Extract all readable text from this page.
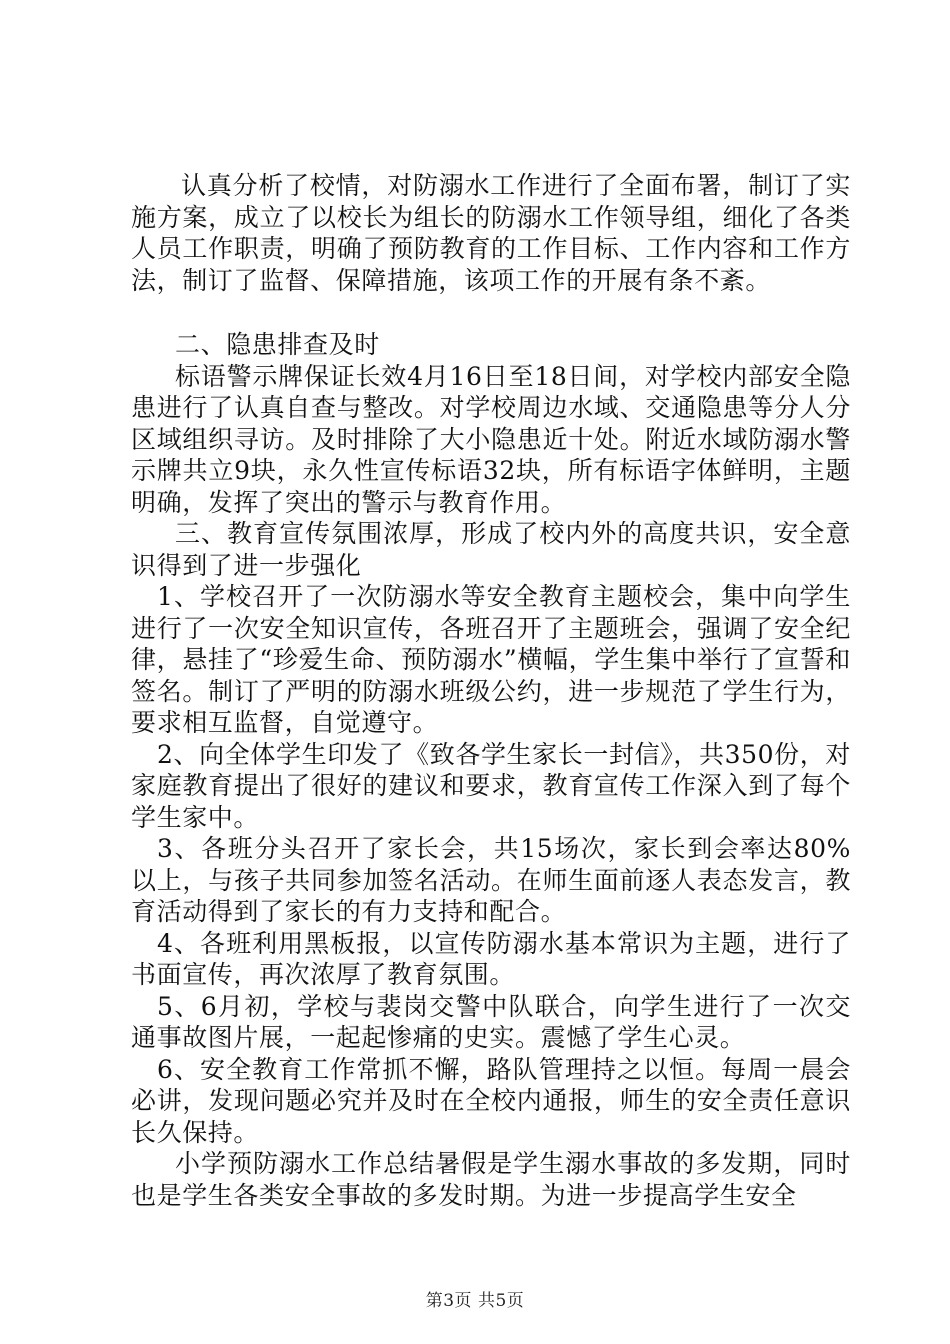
认真分析了校情，对防溺水工作进行了全面布署，制订了实施方案，成立了以校长为组长的防溺水工作领导组，细化了各类人员工作职责，明确了预防教育的工作目标、工作内容和工作方法，制订了监督、保障措施，该项工作的开展有条不紊。

二、隐患排查及时

标语警示牌保证长效4月16日至18日间，对学校内部安全隐患进行了认真自查与整改。对学校周边水域、交通隐患等分人分区域组织寻访。及时排除了大小隐患近十处。附近水域防溺水警示牌共立9块，永久性宣传标语32块，所有标语字体鲜明，主题明确，发挥了突出的警示与教育作用。

三、教育宣传氛围浓厚，形成了校内外的高度共识，安全意识得到了进一步强化

1、学校召开了一次防溺水等安全教育主题校会，集中向学生进行了一次安全知识宣传，各班召开了主题班会，强调了安全纪律，悬挂了“珍爱生命、预防溺水”横幅，学生集中举行了宣誓和签名。制订了严明的防溺水班级公约，进一步规范了学生行为，要求相互监督，自觉遵守。

2、向全体学生印发了《致各学生家长一封信》，共350份，对家庭教育提出了很好的建议和要求，教育宣传工作深入到了每个学生家中。

3、各班分头召开了家长会，共15场次，家长到会率达80%以上，与孩子共同参加签名活动。在师生面前逐人表态发言，教育活动得到了家长的有力支持和配合。

4、各班利用黑板报，以宣传防溺水基本常识为主题，进行了书面宣传，再次浓厚了教育氛围。

5、6月初，学校与裴岗交警中队联合，向学生进行了一次交通事故图片展，一起起惨痛的史实。震憾了学生心灵。

6、安全教育工作常抓不懈，路队管理持之以恒。每周一晨会必讲，发现问题必究并及时在全校内通报，师生的安全责任意识长久保持。

小学预防溺水工作总结暑假是学生溺水事故的多发期，同时也是学生各类安全事故的多发时期。为进一步提高学生安全

第3页 共5页
